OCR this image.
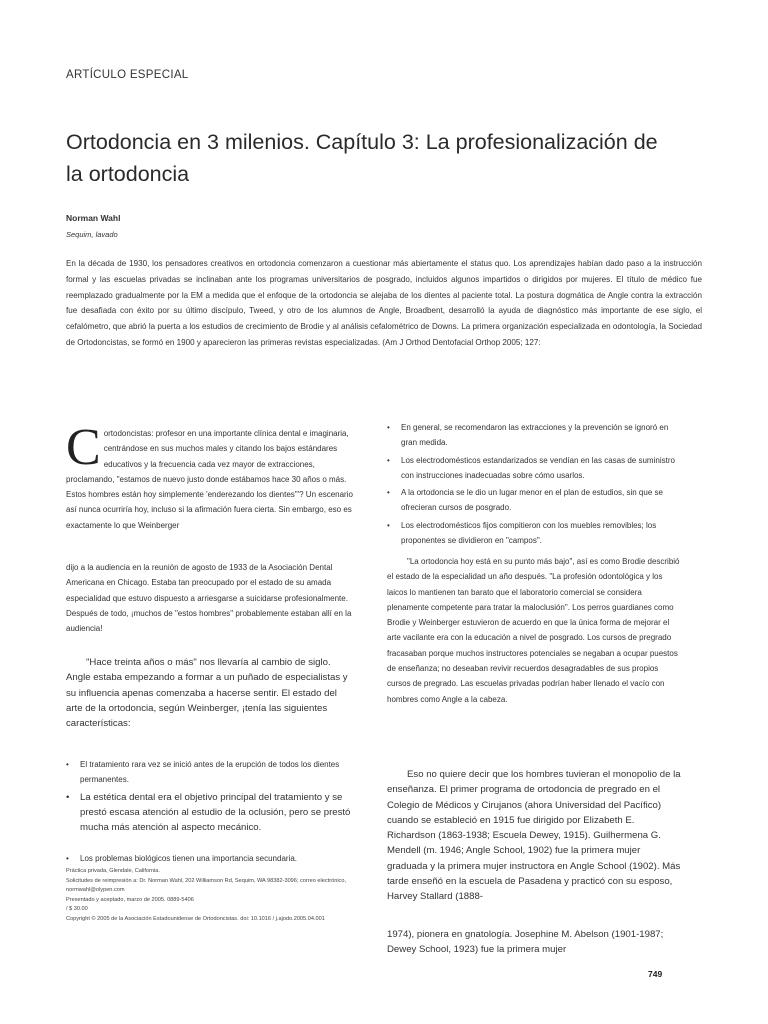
ARTÍCULO ESPECIAL
Ortodoncia en 3 milenios. Capítulo 3: La profesionalización de la ortodoncia
Norman Wahl
Sequim, lavado
En la década de 1930, los pensadores creativos en ortodoncia comenzaron a cuestionar más abiertamente el status quo. Los aprendizajes habían dado paso a la instrucción formal y las escuelas privadas se inclinaban ante los programas universitarios de posgrado, incluidos algunos impartidos o dirigidos por mujeres. El título de médico fue reemplazado gradualmente por la EM a medida que el enfoque de la ortodoncia se alejaba de los dientes al paciente total. La postura dogmática de Angle contra la extracción fue desafiada con éxito por su último discípulo, Tweed, y otro de los alumnos de Angle, Broadbent, desarrolló la ayuda de diagnóstico más importante de ese siglo, el cefalómetro, que abrió la puerta a los estudios de crecimiento de Brodie y al análisis cefalométrico de Downs. La primera organización especializada en odontología, la Sociedad de Ortodoncistas, se formó en 1900 y aparecieron las primeras revistas especializadas. (Am J Orthod Dentofacial Orthop 2005; 127:
C ortodoncistas: profesor en una importante clínica dental e imaginaria, centrándose en sus muchos males y citando los bajos estándares educativos y la frecuencia cada vez mayor de extracciones, proclamando, "estamos de nuevo justo donde estábamos hace 30 años o más. Estos hombres están hoy simplemente 'enderezando los dientes'"? Un escenario así nunca ocurriría hoy, incluso si la afirmación fuera cierta. Sin embargo, eso es exactamente lo que Weinberger
dijo a la audiencia en la reunión de agosto de 1933 de la Asociación Dental Americana en Chicago. Estaba tan preocupado por el estado de su amada especialidad que estuvo dispuesto a arriesgarse a suicidarse profesionalmente. Después de todo, ¡muchos de "estos hombres" probablemente estaban allí en la audiencia!
"Hace treinta años o más" nos llevaría al cambio de siglo. Angle estaba empezando a formar a un puñado de especialistas y su influencia apenas comenzaba a hacerse sentir. El estado del arte de la ortodoncia, según Weinberger, ¡tenía las siguientes características:
• El tratamiento rara vez se inició antes de la erupción de todos los dientes permanentes.
• La estética dental era el objetivo principal del tratamiento y se prestó escasa atención al estudio de la oclusión, pero se prestó mucha más atención al aspecto mecánico.
• Los problemas biológicos tienen una importancia secundaria.
Práctica privada, Glendale, California.
Solicitudes de reimpresión a: Dr. Norman Wahl, 202 Williamson Rd, Sequim, WA 98382-3096; correo electrónico, normwahl@olypen.com
Presentado y aceptado, marzo de 2005. 0889-5406
/ $ 30.00
Copyright © 2005 de la Asociación Estadounidense de Ortodoncistas. doi: 10.1016 / j.ajodo.2005.04.001
• En general, se recomendaron las extracciones y la prevención se ignoró en gran medida.
• Los electrodomésticos estandarizados se vendían en las casas de suministro con instrucciones inadecuadas sobre cómo usarlos.
• A la ortodoncia se le dio un lugar menor en el plan de estudios, sin que se ofrecieran cursos de posgrado.
• Los electrodomésticos fijos compitieron con los muebles removibles; los proponentes se dividieron en "campos".
"La ortodoncia hoy está en su punto más bajo", así es como Brodie describió el estado de la especialidad un año después. "La profesión odontológica y los laicos lo mantienen tan barato que el laboratorio comercial se considera plenamente competente para tratar la maloclusión". Los perros guardianes como Brodie y Weinberger estuvieron de acuerdo en que la única forma de mejorar el arte vacilante era con la educación a nivel de posgrado. Los cursos de pregrado fracasaban porque muchos instructores potenciales se negaban a ocupar puestos de enseñanza; no deseaban revivir recuerdos desagradables de sus propios cursos de pregrado. Las escuelas privadas podrían haber llenado el vacío con hombres como Angle a la cabeza.
Eso no quiere decir que los hombres tuvieran el monopolio de la enseñanza. El primer programa de ortodoncia de pregrado en el Colegio de Médicos y Cirujanos (ahora Universidad del Pacífico) cuando se estableció en 1915 fue dirigido por Elizabeth E. Richardson (1863-1938; Escuela Dewey, 1915). Guilhermena G. Mendell (m. 1946; Angle School, 1902) fue la primera mujer graduada y la primera mujer instructora en Angle School (1902). Más tarde enseñó en la escuela de Pasadena y practicó con su esposo, Harvey Stallard (1888-
1974), pionera en gnatología. Josephine M. Abelson (1901-1987; Dewey School, 1923) fue la primera mujer
749
